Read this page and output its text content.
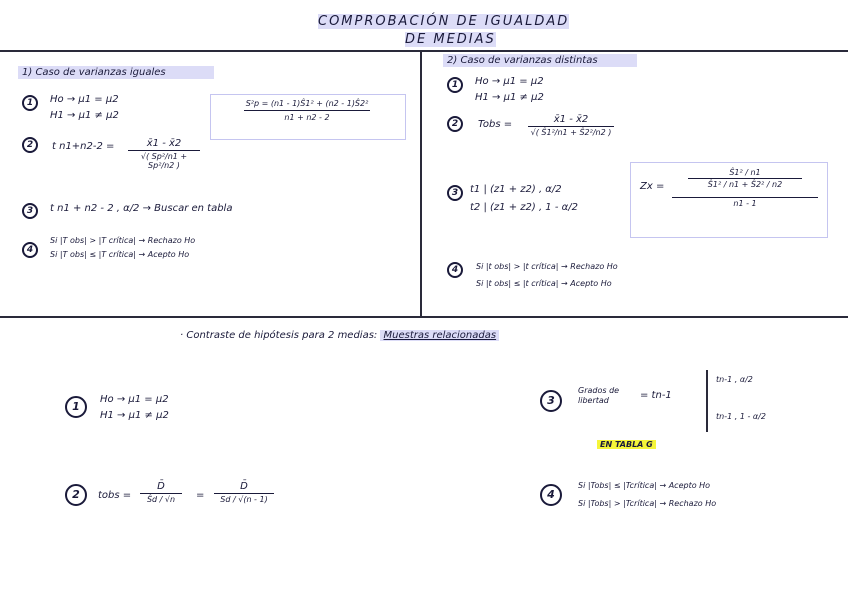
COMPROBACIÓN DE IGUALDAD
DE MEDIAS
1) Caso de varianzas iguales
1	Ho → μ1 = μ2
H1 → μ1 ≠ μ2
S²p = (n1 - 1)Ŝ1² + (n2 - 1)Ŝ2²
n1 + n2 - 2
2	t n1+n2-2 =	x̄1 - x̄2
√( Sp²/n1 + Sp²/n2 )
3	t n1 + n2 - 2 , α/2 → Buscar en tabla
4
Si |T obs| > |T crítica| → Rechazo Ho
Si |T obs| ≤ |T crítica| → Acepto Ho
2) Caso de varianzas distintas
1	Ho → μ1 = μ2
H1 → μ1 ≠ μ2
2	Tobs =	x̄1 - x̄2
√( Ŝ1²/n1 + Ŝ2²/n2 )
3	t1 | (z1 + z2) , α/2
t2 | (z1 + z2) , 1 - α/2
Zx =
Ŝ1² / n1
Ŝ1² / n1 + Ŝ2² / n2
n1 - 1
4	Si |t obs| > |t crítica| → Rechazo Ho
Si |t obs| ≤ |t crítica| → Acepto Ho
· Contraste de hipótesis para 2 medias: Muestras relacionadas
1
Ho → μ1 = μ2
H1 → μ1 ≠ μ2
2	tobs =
D̄
Ŝd / √n	=
D̄
Sd / √(n - 1)
3
Grados de libertad	= tn-1
tn-1 , α/2
tn-1 , 1 - α/2
EN TABLA G
4
Si |Tobs| ≤ |Tcrítica| → Acepto Ho
Si |Tobs| > |Tcrítica| → Rechazo Ho
